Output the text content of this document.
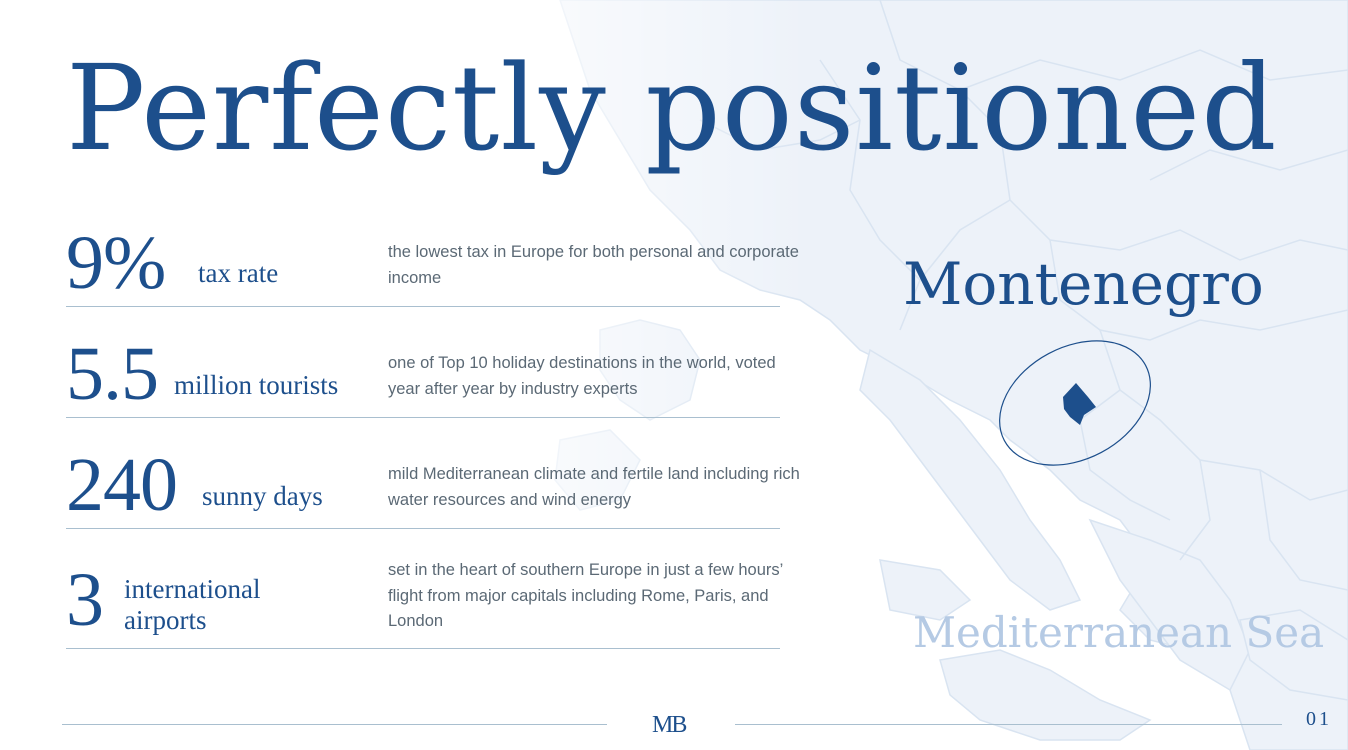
Perfectly positioned
9% tax rate
the lowest tax in Europe for both personal and corporate income
5.5 million tourists
one of Top 10 holiday destinations in the world, voted year after year by industry experts
240 sunny days
mild Mediterranean climate and fertile land including rich water resources and wind energy
3 international
airports
set in the heart of southern Europe in just a few hours’ flight from major capitals including Rome, Paris, and London
Montenegro
Mediterranean Sea
MB	01
